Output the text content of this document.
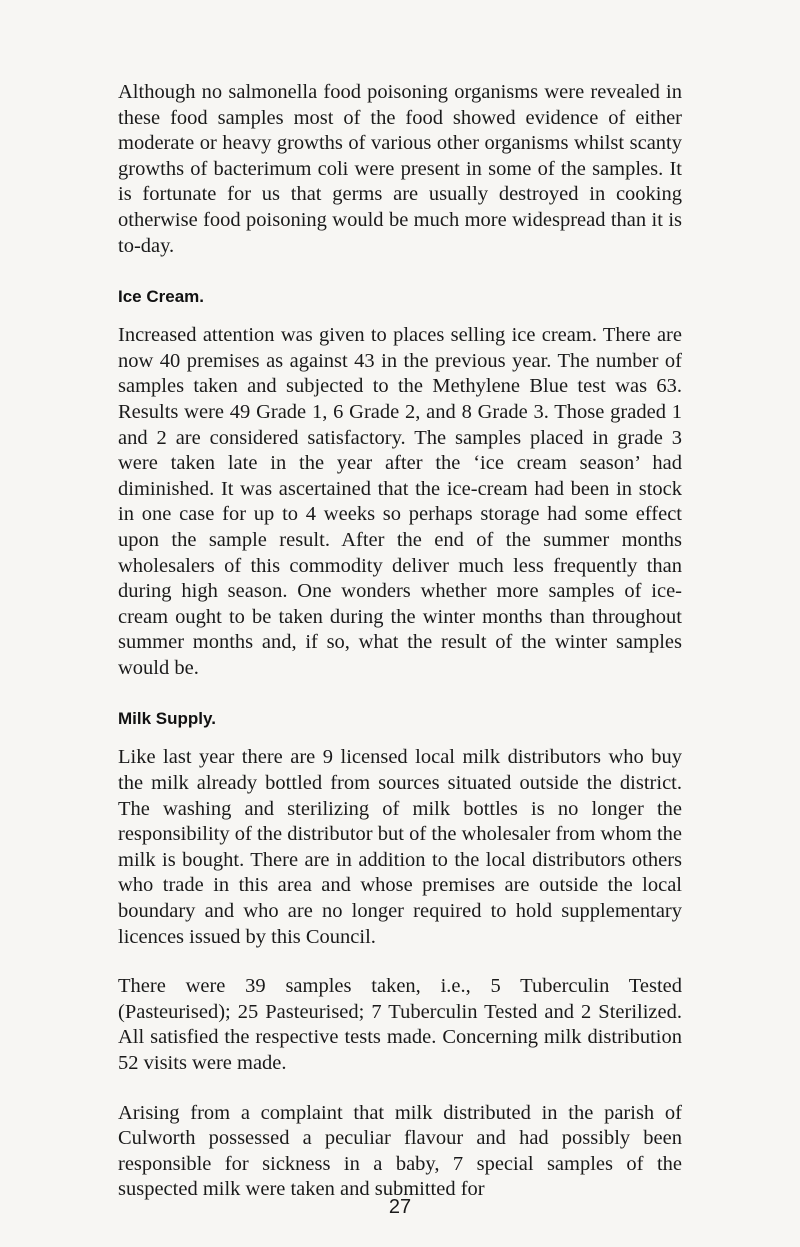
Although no salmonella food poisoning organisms were revealed in these food samples most of the food showed evidence of either moderate or heavy growths of various other organisms whilst scanty growths of bacterimum coli were present in some of the samples. It is fortunate for us that germs are usually destroyed in cooking otherwise food poisoning would be much more widespread than it is to-day.

Ice Cream.

Increased attention was given to places selling ice cream. There are now 40 premises as against 43 in the previous year. The number of samples taken and subjected to the Methylene Blue test was 63. Results were 49 Grade 1, 6 Grade 2, and 8 Grade 3. Those graded 1 and 2 are considered satisfactory. The samples placed in grade 3 were taken late in the year after the ‘ice cream season’ had diminished. It was ascertained that the ice-cream had been in stock in one case for up to 4 weeks so perhaps storage had some effect upon the sample result. After the end of the summer months wholesalers of this commodity deliver much less frequently than during high season. One wonders whether more samples of ice-cream ought to be taken during the winter months than throughout summer months and, if so, what the result of the winter samples would be.

Milk Supply.

Like last year there are 9 licensed local milk distributors who buy the milk already bottled from sources situated outside the district. The washing and sterilizing of milk bottles is no longer the responsibility of the distributor but of the wholesaler from whom the milk is bought. There are in addition to the local distributors others who trade in this area and whose premises are outside the local boundary and who are no longer required to hold supplementary licences issued by this Council.

There were 39 samples taken, i.e., 5 Tuberculin Tested (Pasteurised); 25 Pasteurised; 7 Tuberculin Tested and 2 Sterilized. All satisfied the respective tests made. Concerning milk distribution 52 visits were made.

Arising from a complaint that milk distributed in the parish of Culworth possessed a peculiar flavour and had possibly been responsible for sickness in a baby, 7 special samples of the suspected milk were taken and submitted for

27
